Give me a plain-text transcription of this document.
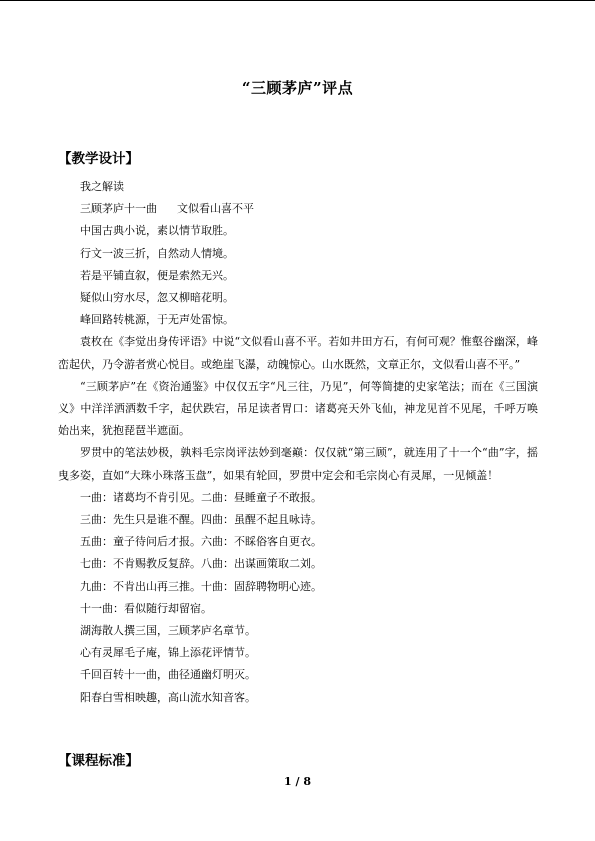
“三顾茅庐”评点
【教学设计】

我之解读

三顾茅庐十一曲 文似看山喜不平

中国古典小说，素以情节取胜。

行文一波三折，自然动人情境。

若是平铺直叙，便是索然无兴。

疑似山穷水尽，忽又柳暗花明。

峰回路转桃源，于无声处雷惊。

袁枚在《李觉出身传评语》中说“文似看山喜不平。若如井田方石，有何可观？惟壑谷幽深，峰峦起伏，乃令游者赏心悦目。或绝崖飞瀑，动魄惊心。山水既然，文章正尔，文似看山喜不平。”

“三顾茅庐”在《资治通鉴》中仅仅五字“凡三往，乃见”，何等简捷的史家笔法；而在《三国演义》中洋洋洒洒数千字，起伏跌宕，吊足读者胃口：诸葛亮天外飞仙，神龙见首不见尾，千呼万唤始出来，犹抱琵琶半遮面。

罗贯中的笔法妙极，孰料毛宗岗评法妙到毫巅：仅仅就“第三顾”，就连用了十一个“曲”字，摇曳多姿，直如“大珠小珠落玉盘”，如果有轮回，罗贯中定会和毛宗岗心有灵犀，一见倾盖！

一曲：诸葛均不肯引见。二曲：昼睡童子不敢报。

三曲：先生只是谁不醒。四曲：虽醒不起且咏诗。

五曲：童子待问后才报。六曲：不睬俗客自更衣。

七曲：不肯赐教反复辞。八曲：出谋画策取二刘。

九曲：不肯出山再三推。十曲：固辞聘物明心迹。

十一曲：看似随行却留宿。

湖海散人撰三国，三顾茅庐名章节。

心有灵犀毛子庵，锦上添花评情节。

千回百转十一曲，曲径通幽灯明灭。

阳春白雪相映趣，高山流水知音客。

【课程标准】
1 / 8
